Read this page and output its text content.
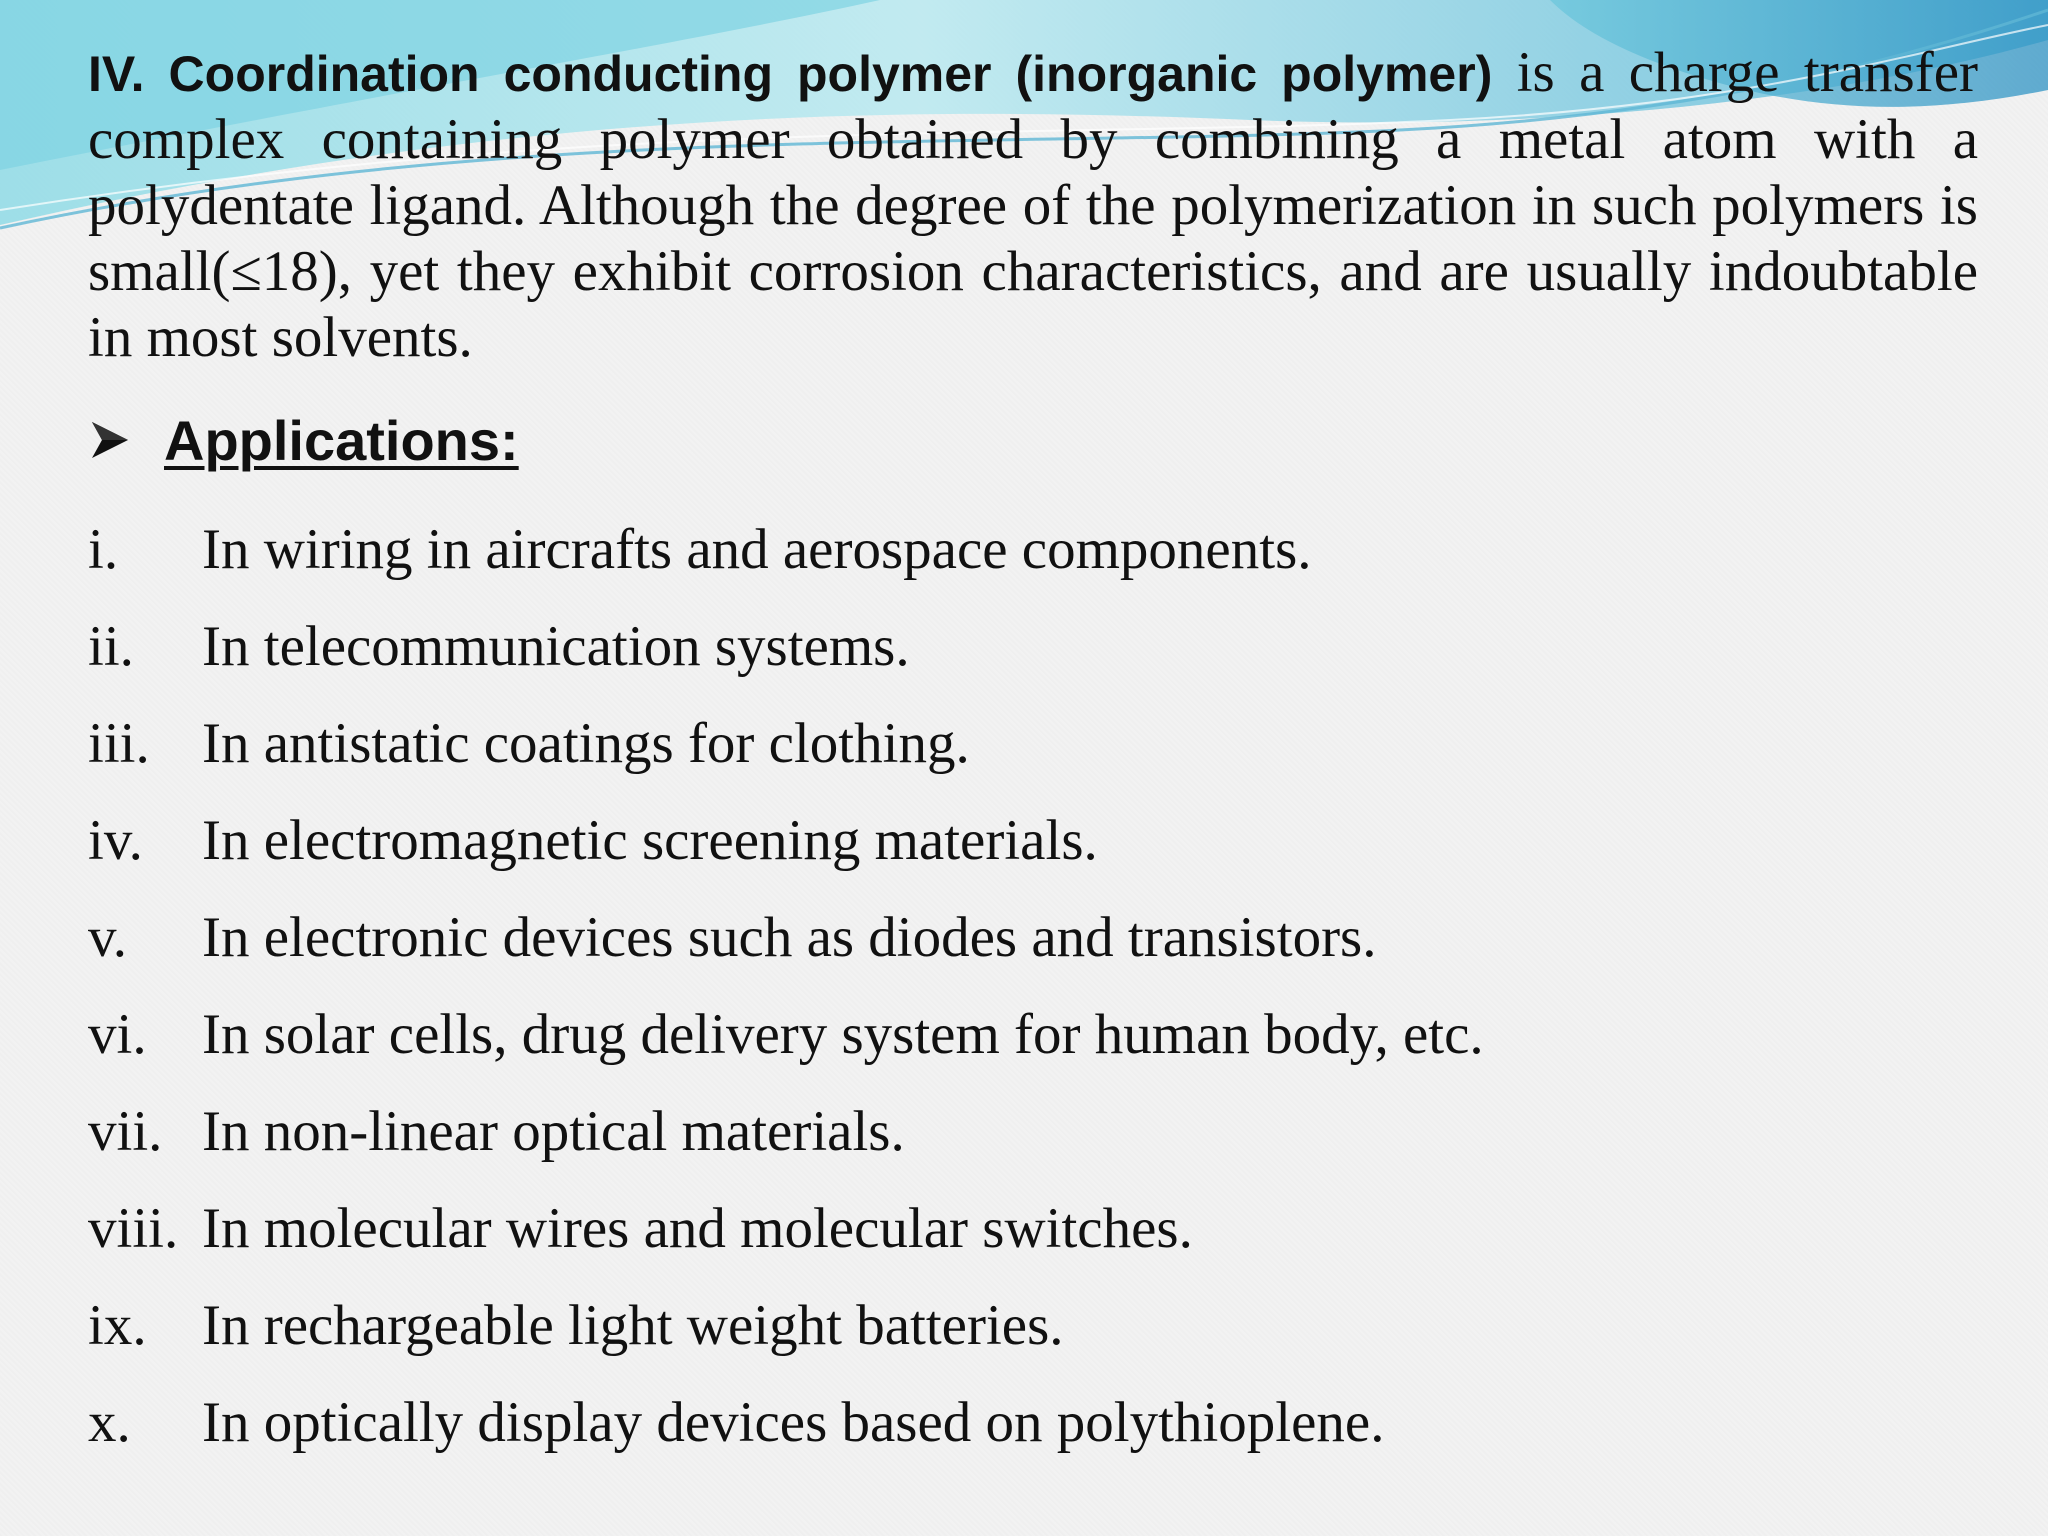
IV. Coordination conducting polymer (inorganic polymer) is a charge transfer complex containing polymer obtained by combining a metal atom with a polydentate ligand. Although the degree of the polymerization in such polymers is small(≤18), yet they exhibit corrosion characteristics, and are usually indoubtable in most solvents.

Applications:
i.	In wiring in aircrafts and aerospace components.
ii.	In telecommunication systems.
iii. In antistatic coatings for clothing.
iv.	In electromagnetic screening materials.
v.	In electronic devices such as diodes and transistors.
vi. In solar cells, drug delivery system for human body, etc.
vii. In non-linear optical materials.
viii. In molecular wires and molecular switches.
ix. In rechargeable light weight batteries.
x.	In optically display devices based on polythioplene.
